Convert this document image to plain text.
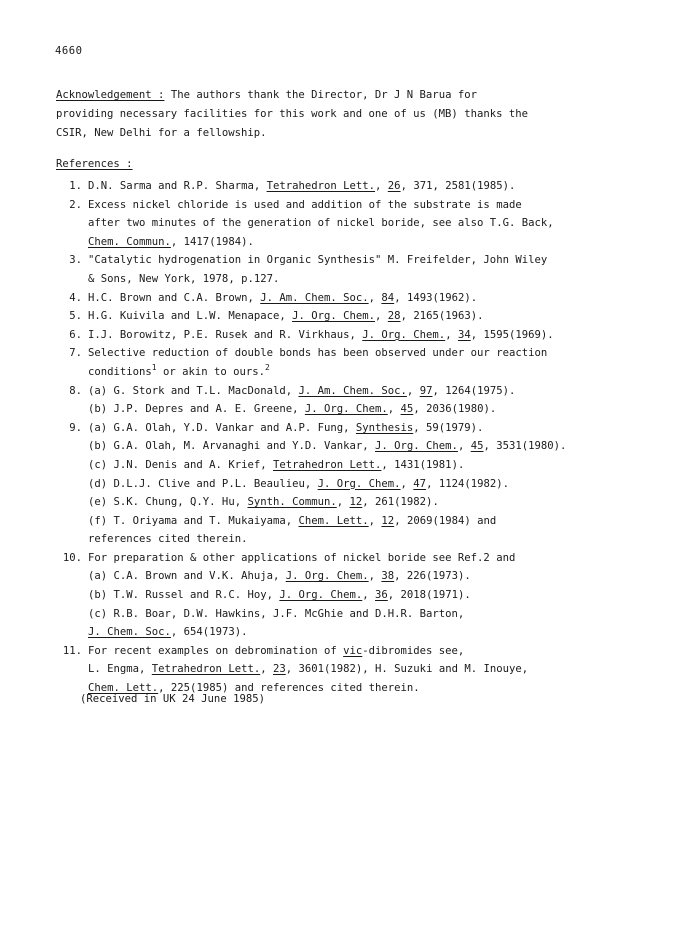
4660
Acknowledgement : The authors thank the Director, Dr J N Barua for
providing necessary facilities for this work and one of us (MB) thanks the
CSIR, New Delhi for a fellowship.
References :
1. D.N. Sarma and R.P. Sharma, Tetrahedron Lett., 26, 371, 2581(1985).
2. Excess nickel chloride is used and addition of the substrate is made
after two minutes of the generation of nickel boride, see also T.G. Back,
Chem. Commun., 1417(1984).
3. "Catalytic hydrogenation in Organic Synthesis" M. Freifelder, John Wiley
& Sons, New York, 1978, p.127.
4. H.C. Brown and C.A. Brown, J. Am. Chem. Soc., 84, 1493(1962).
5. H.G. Kuivila and L.W. Menapace, J. Org. Chem., 28, 2165(1963).
6. I.J. Borowitz, P.E. Rusek and R. Virkhaus, J. Org. Chem., 34, 1595(1969).
7. Selective reduction of double bonds has been observed under our reaction
conditions$^1$ or akin to ours.$^2$
8. (a) G. Stork and T.L. MacDonald, J. Am. Chem. Soc., 97, 1264(1975).
(b) J.P. Depres and A. E. Greene, J. Org. Chem., 45, 2036(1980).
9. (a) G.A. Olah, Y.D. Vankar and A.P. Fung, Synthesis, 59(1979).
(b) G.A. Olah, M. Arvanaghi and Y.D. Vankar, J. Org. Chem., 45, 3531(1980).
(c) J.N. Denis and A. Krief, Tetrahedron Lett., 1431(1981).
(d) D.L.J. Clive and P.L. Beaulieu, J. Org. Chem., 47, 1124(1982).
(e) S.K. Chung, Q.Y. Hu, Synth. Commun., 12, 261(1982).
(f) T. Oriyama and T. Mukaiyama, Chem. Lett., 12, 2069(1984) and
references cited therein.
10. For preparation & other applications of nickel boride see Ref.2 and
(a) C.A. Brown and V.K. Ahuja, J. Org. Chem., 38, 226(1973).
(b) T.W. Russel and R.C. Hoy, J. Org. Chem., 36, 2018(1971).
(c) R.B. Boar, D.W. Hawkins, J.F. McGhie and D.H.R. Barton,
J. Chem. Soc., 654(1973).
11. For recent examples on debromination of vic-dibromides see,
L. Engma, Tetrahedron Lett., 23, 3601(1982), H. Suzuki and M. Inouye,
Chem. Lett., 225(1985) and references cited therein.
(Received in UK 24 June 1985)
